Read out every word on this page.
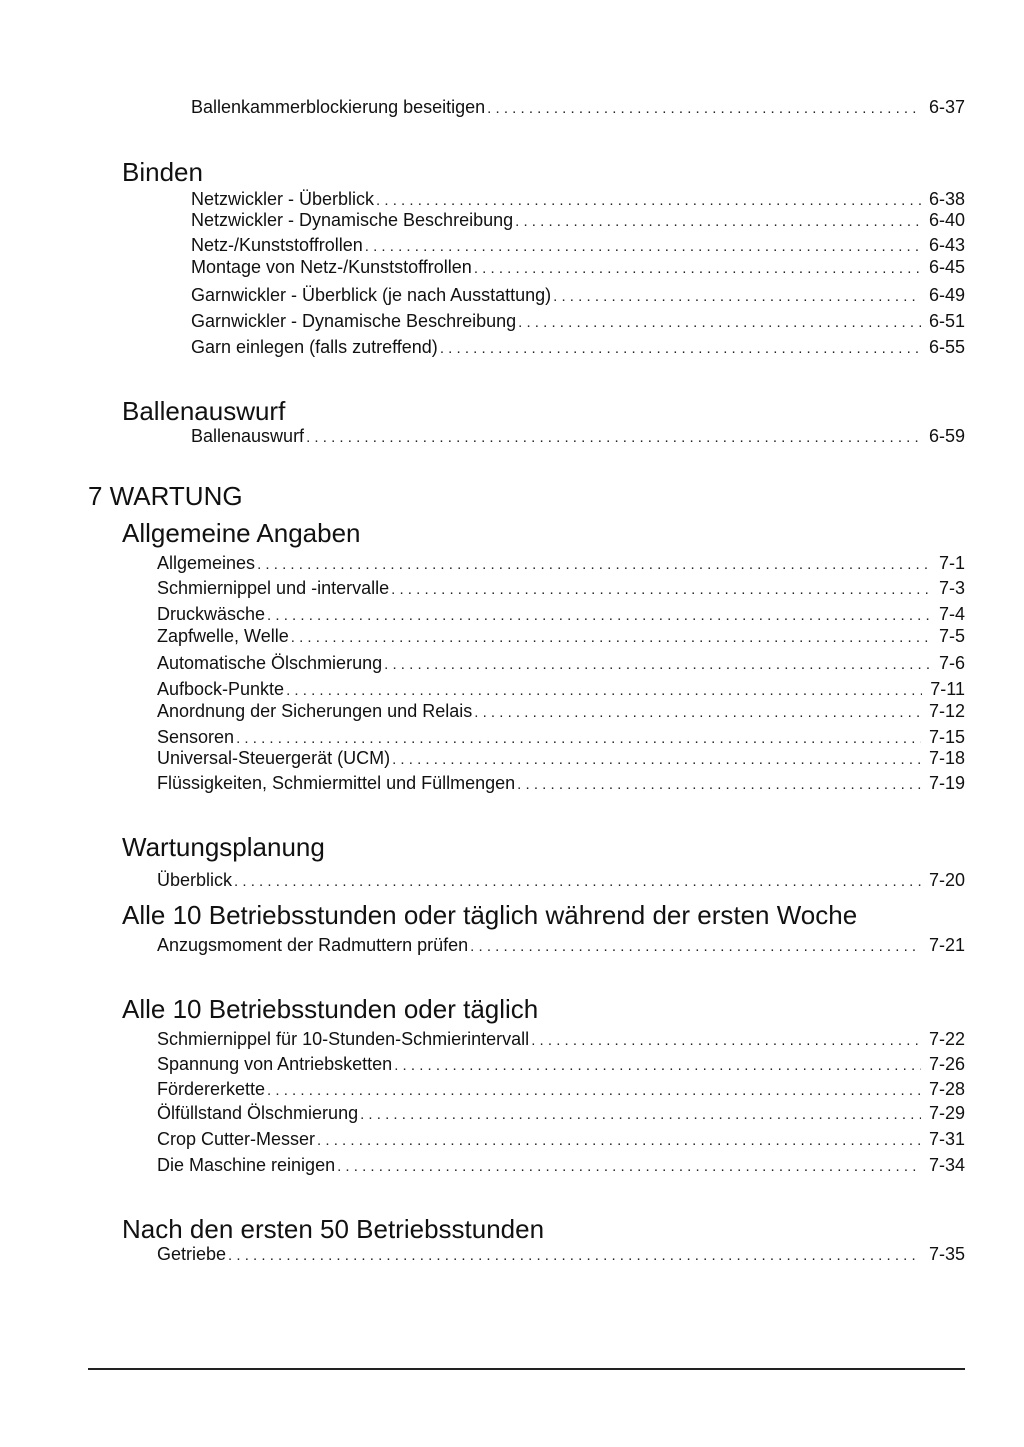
Ballenkammerblockierung beseitigen . . .	6-37
Binden
Netzwickler - Überblick . . .	6-38
Netzwickler - Dynamische Beschreibung . . .	6-40
Netz-/Kunststoffrollen . . .	6-43
Montage von Netz-/Kunststoffrollen . . .	6-45
Garnwickler - Überblick (je nach Ausstattung) . . .	6-49
Garnwickler - Dynamische Beschreibung . . .	6-51
Garn einlegen (falls zutreffend) . . .	6-55
Ballenauswurf
Ballenauswurf . . .	6-59
7 WARTUNG
Allgemeine Angaben
Allgemeines . . .	7-1
Schmiernippel und -intervalle . . .	7-3
Druckwäsche . . .	7-4
Zapfwelle, Welle . . .	7-5
Automatische Ölschmierung . . .	7-6
Aufbock-Punkte . . .	7-11
Anordnung der Sicherungen und Relais . . .	7-12
Sensoren . . .	7-15
Universal-Steuergerät (UCM) . . .	7-18
Flüssigkeiten, Schmiermittel und Füllmengen . . .	7-19
Wartungsplanung
Überblick . . .	7-20
Alle 10 Betriebsstunden oder täglich während der ersten Woche
Anzugsmoment der Radmuttern prüfen . . .	7-21
Alle 10 Betriebsstunden oder täglich
Schmiernippel für 10-Stunden-Schmierintervall . . .	7-22
Spannung von Antriebsketten . . .	7-26
Fördererkette . . .	7-28
Ölfüllstand Ölschmierung . . .	7-29
Crop Cutter-Messer . . .	7-31
Die Maschine reinigen . . .	7-34
Nach den ersten 50 Betriebsstunden
Getriebe . . .	7-35
